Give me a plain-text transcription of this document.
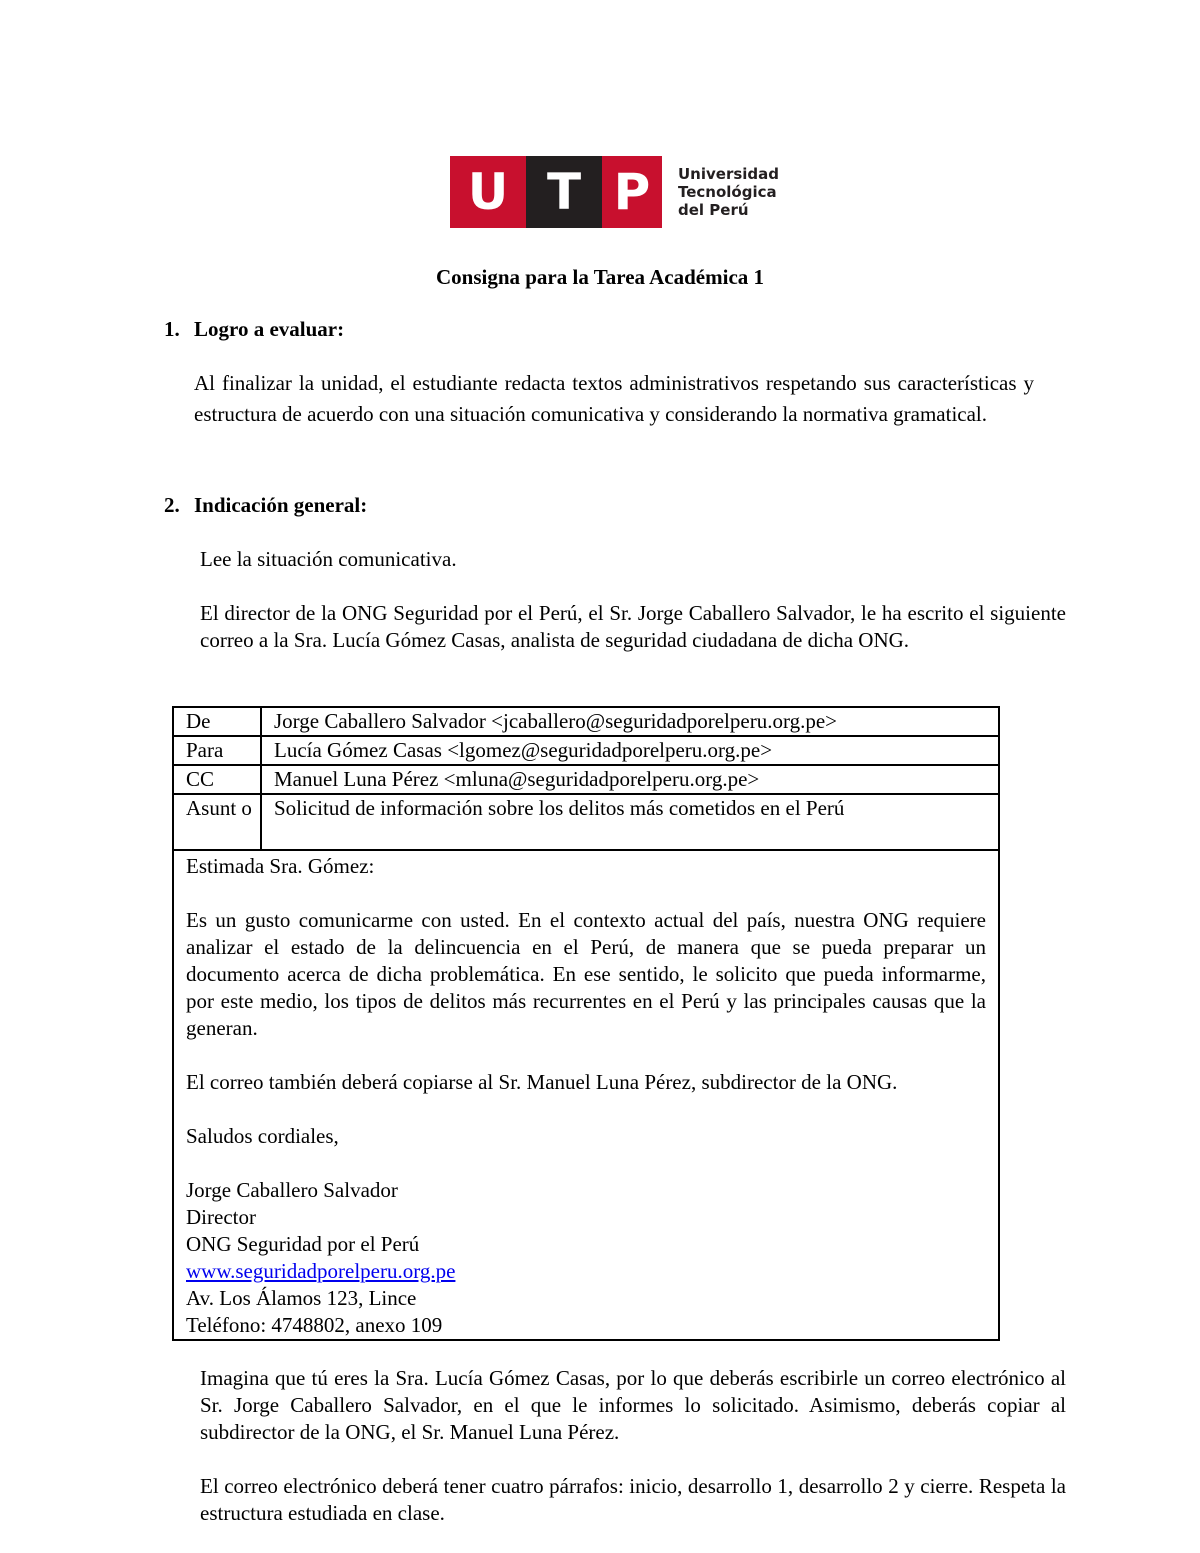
U T P	Universidad
Tecnológica
del Perú
Consigna para la Tarea Académica 1
1. Logro a evaluar:
Al finalizar la unidad, el estudiante redacta textos administrativos respetando sus características y estructura de acuerdo con una situación comunicativa y considerando la normativa gramatical.
2. Indicación general:
Lee la situación comunicativa.
El director de la ONG Seguridad por el Perú, el Sr. Jorge Caballero Salvador, le ha escrito el siguiente correo a la Sra. Lucía Gómez Casas, analista de seguridad ciudadana de dicha ONG.
De	Jorge Caballero Salvador <jcaballero@seguridadporelperu.org.pe>
Para	Lucía Gómez Casas <lgomez@seguridadporelperu.org.pe>
CC	Manuel Luna Pérez <mluna@seguridadporelperu.org.pe>
Asunt o	Solicitud de información sobre los delitos más cometidos en el Perú

Estimada Sra. Gómez:

Es un gusto comunicarme con usted. En el contexto actual del país, nuestra ONG requiere analizar el estado de la delincuencia en el Perú, de manera que se pueda preparar un documento acerca de dicha problemática. En ese sentido, le solicito que pueda informarme, por este medio, los tipos de delitos más recurrentes en el Perú y las principales causas que la generan.

El correo también deberá copiarse al Sr. Manuel Luna Pérez, subdirector de la ONG.

Saludos cordiales,

Jorge Caballero Salvador

Director

ONG Seguridad por el Perú

www.seguridadporelperu.org.pe

Av. Los Álamos 123, Lince

Teléfono: 4748802, anexo 109

Imagina que tú eres la Sra. Lucía Gómez Casas, por lo que deberás escribirle un correo electrónico al Sr. Jorge Caballero Salvador, en el que le informes lo solicitado. Asimismo, deberás copiar al subdirector de la ONG, el Sr. Manuel Luna Pérez.
El correo electrónico deberá tener cuatro párrafos: inicio, desarrollo 1, desarrollo 2 y cierre. Respeta la estructura estudiada en clase.
